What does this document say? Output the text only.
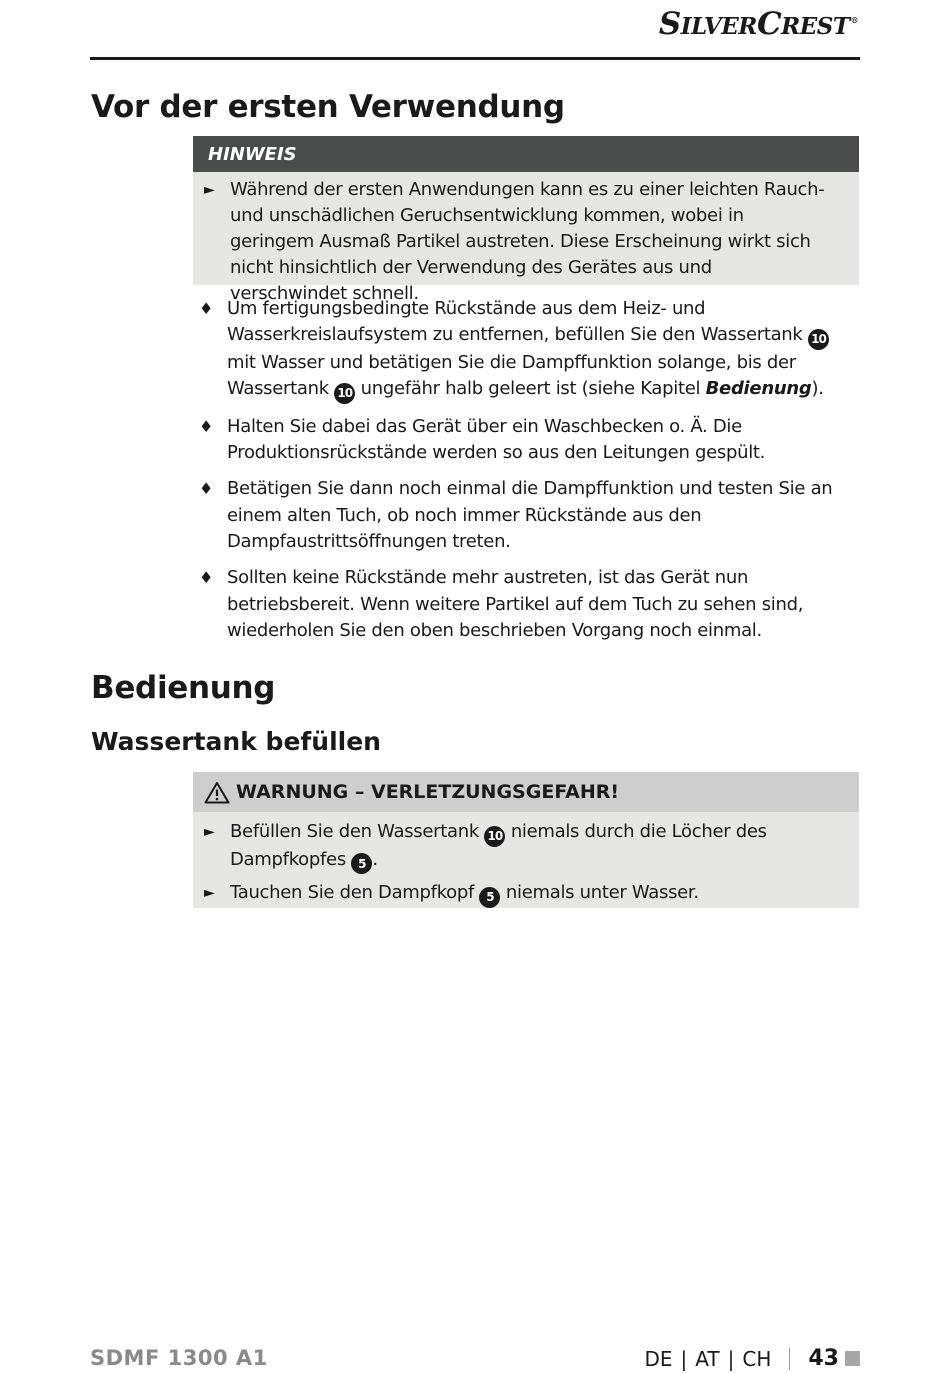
SILVERCREST®
Vor der ersten Verwendung
HINWEIS
► Während der ersten Anwendungen kann es zu einer leichten Rauch- und unschädlichen Geruchsentwicklung kommen, wobei in geringem Ausmaß Partikel austreten. Diese Erscheinung wirkt sich nicht hinsichtlich der Verwendung des Gerätes aus und verschwindet schnell.
♦ Um fertigungsbedingte Rückstände aus dem Heiz- und Wasserkreislaufsystem zu entfernen, befüllen Sie den Wassertank 10 mit Wasser und betätigen Sie die Dampffunktion solange, bis der Wassertank 10 ungefähr halb geleert ist (siehe Kapitel Bedienung).
♦ Halten Sie dabei das Gerät über ein Waschbecken o. Ä. Die Produktionsrückstände werden so aus den Leitungen gespült.
♦ Betätigen Sie dann noch einmal die Dampffunktion und testen Sie an einem alten Tuch, ob noch immer Rückstände aus den Dampfaustrittsöffnungen treten.
♦ Sollten keine Rückstände mehr austreten, ist das Gerät nun betriebsbereit. Wenn weitere Partikel auf dem Tuch zu sehen sind, wiederholen Sie den oben beschrieben Vorgang noch einmal.
Bedienung
Wassertank befüllen
WARNUNG – VERLETZUNGSGEFAHR!
► Befüllen Sie den Wassertank 10 niemals durch die Löcher des Dampfkopfes 5 .
► Tauchen Sie den Dampfkopf 5 niemals unter Wasser.
SDMF 1300 A1	DE | AT | CH 43
